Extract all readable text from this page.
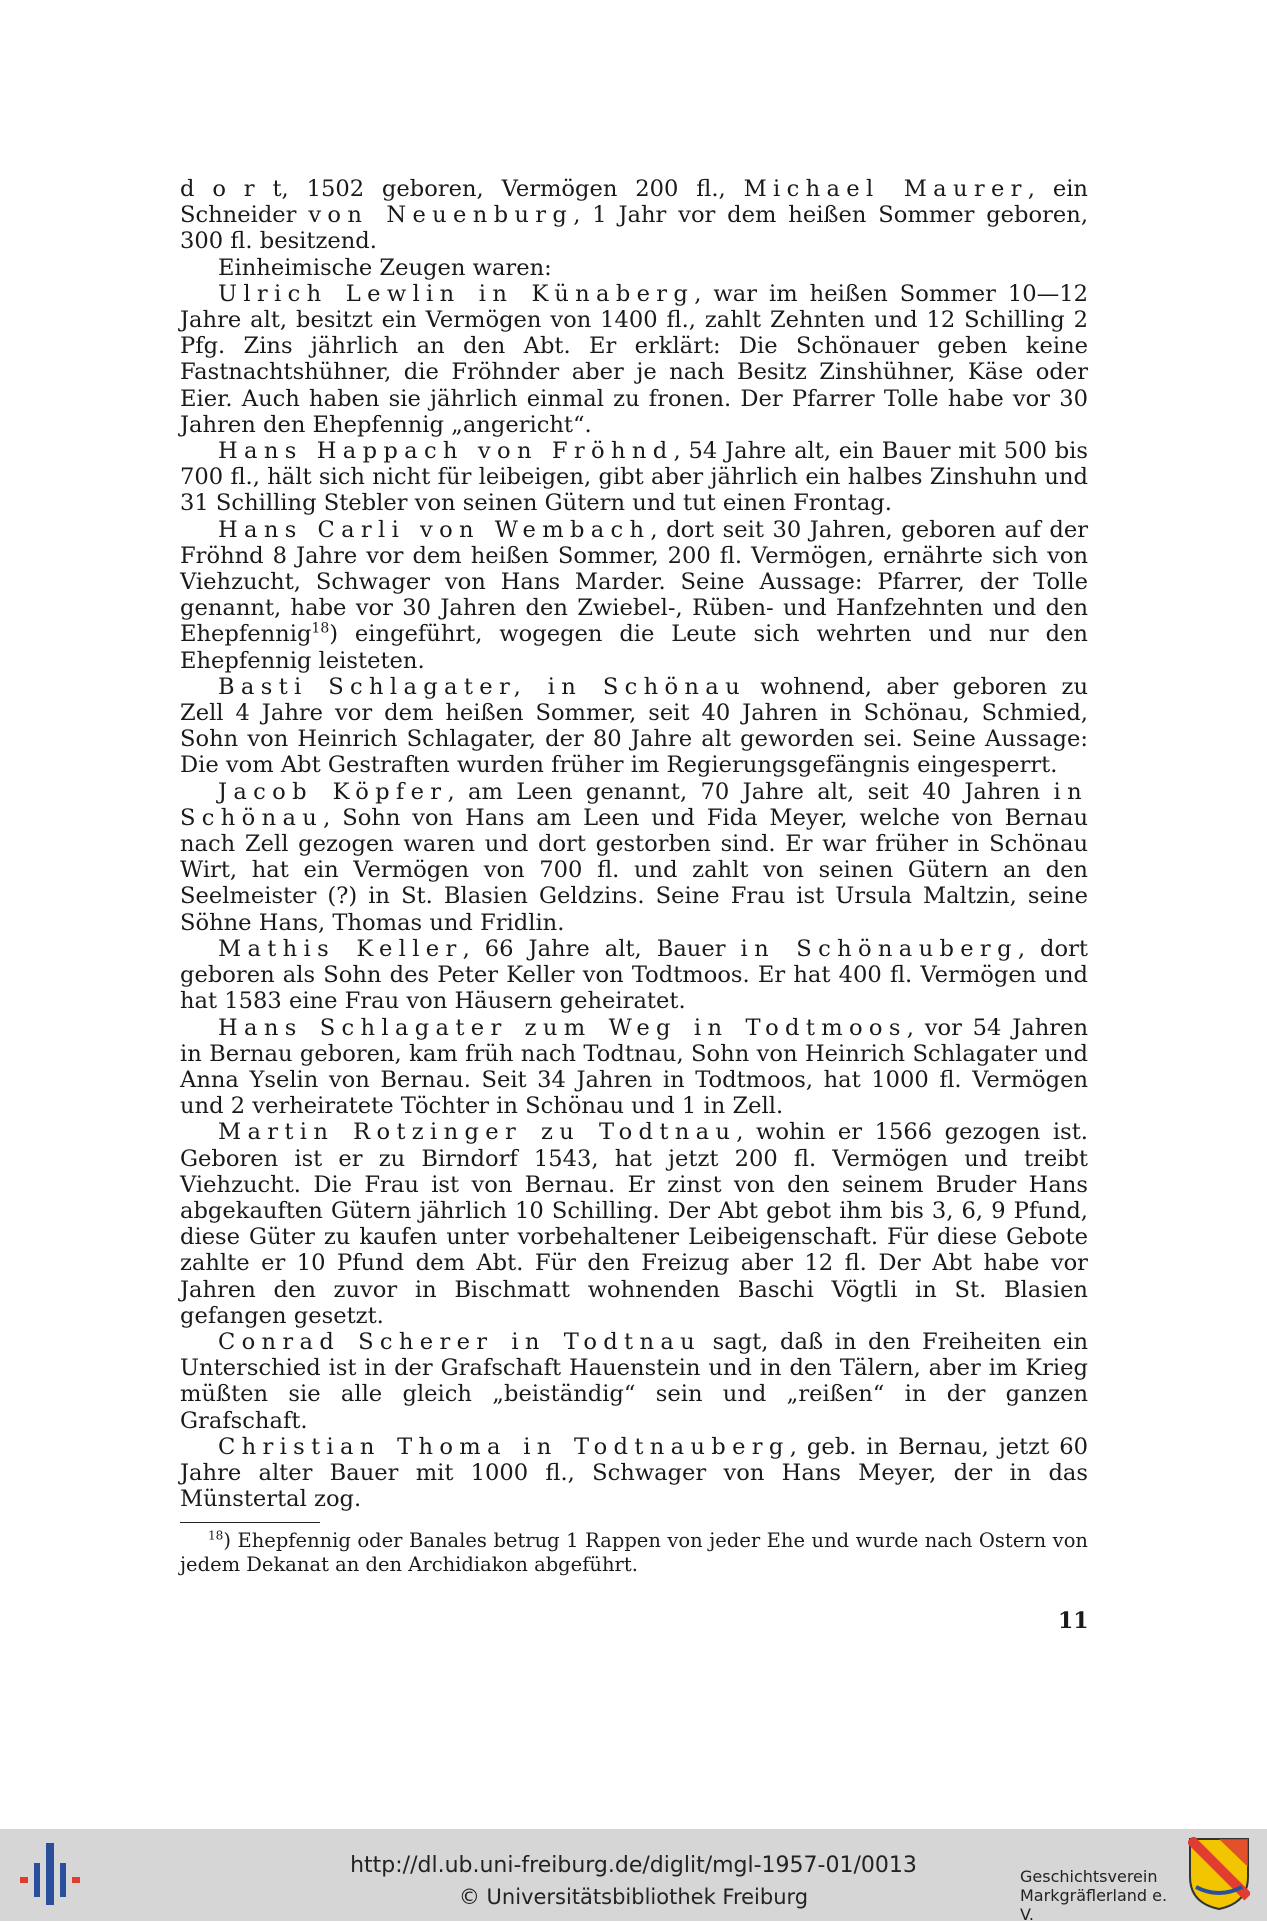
d o r t, 1502 geboren, Vermögen 200 fl., Michael Maurer, ein Schneider von Neuenburg, 1 Jahr vor dem heißen Sommer geboren, 300 fl. besitzend.

Einheimische Zeugen waren:

Ulrich Lewlin in Künaberg, war im heißen Sommer 10—12 Jahre alt, besitzt ein Vermögen von 1400 fl., zahlt Zehnten und 12 Schilling 2 Pfg. Zins jährlich an den Abt. Er erklärt: Die Schönauer geben keine Fastnachtshühner, die Fröhnder aber je nach Besitz Zinshühner, Käse oder Eier. Auch haben sie jährlich einmal zu fronen. Der Pfarrer Tolle habe vor 30 Jahren den Ehepfennig „angericht“.

Hans Happach von Fröhnd, 54 Jahre alt, ein Bauer mit 500 bis 700 fl., hält sich nicht für leibeigen, gibt aber jährlich ein halbes Zinshuhn und 31 Schilling Stebler von seinen Gütern und tut einen Frontag.

Hans Carli von Wembach, dort seit 30 Jahren, geboren auf der Fröhnd 8 Jahre vor dem heißen Sommer, 200 fl. Vermögen, ernährte sich von Viehzucht, Schwager von Hans Marder. Seine Aussage: Pfarrer, der Tolle genannt, habe vor 30 Jahren den Zwiebel-, Rüben- und Hanfzehnten und den Ehepfennig$^{18}$) eingeführt, wogegen die Leute sich wehrten und nur den Ehepfennig leisteten.

Basti Schlagater, in Schönau wohnend, aber geboren zu Zell 4 Jahre vor dem heißen Sommer, seit 40 Jahren in Schönau, Schmied, Sohn von Heinrich Schlagater, der 80 Jahre alt geworden sei. Seine Aussage: Die vom Abt Gestraften wurden früher im Regierungsgefängnis eingesperrt.

Jacob Köpfer, am Leen genannt, 70 Jahre alt, seit 40 Jahren in Schönau, Sohn von Hans am Leen und Fida Meyer, welche von Bernau nach Zell gezogen waren und dort gestorben sind. Er war früher in Schönau Wirt, hat ein Vermögen von 700 fl. und zahlt von seinen Gütern an den Seelmeister (?) in St. Blasien Geldzins. Seine Frau ist Ursula Maltzin, seine Söhne Hans, Thomas und Fridlin.

Mathis Keller, 66 Jahre alt, Bauer in Schönauberg, dort geboren als Sohn des Peter Keller von Todtmoos. Er hat 400 fl. Vermögen und hat 1583 eine Frau von Häusern geheiratet.

Hans Schlagater zum Weg in Todtmoos, vor 54 Jahren in Bernau geboren, kam früh nach Todtnau, Sohn von Heinrich Schlagater und Anna Yselin von Bernau. Seit 34 Jahren in Todtmoos, hat 1000 fl. Vermögen und 2 verheiratete Töchter in Schönau und 1 in Zell.

Martin Rotzinger zu Todtnau, wohin er 1566 gezogen ist. Geboren ist er zu Birndorf 1543, hat jetzt 200 fl. Vermögen und treibt Viehzucht. Die Frau ist von Bernau. Er zinst von den seinem Bruder Hans abgekauften Gütern jährlich 10 Schilling. Der Abt gebot ihm bis 3, 6, 9 Pfund, diese Güter zu kaufen unter vorbehaltener Leibeigenschaft. Für diese Gebote zahlte er 10 Pfund dem Abt. Für den Freizug aber 12 fl. Der Abt habe vor Jahren den zuvor in Bischmatt wohnenden Baschi Vögtli in St. Blasien gefangen gesetzt.

Conrad Scherer in Todtnau sagt, daß in den Freiheiten ein Unterschied ist in der Grafschaft Hauenstein und in den Tälern, aber im Krieg müßten sie alle gleich „beiständig“ sein und „reißen“ in der ganzen Grafschaft.

Christian Thoma in Todtnauberg, geb. in Bernau, jetzt 60 Jahre alter Bauer mit 1000 fl., Schwager von Hans Meyer, der in das Münstertal zog.

$^{18}$) Ehepfennig oder Banales betrug 1 Rappen von jeder Ehe und wurde nach Ostern von jedem Dekanat an den Archidiakon abgeführt.

11
http://dl.ub.uni-freiburg.de/diglit/mgl-1957-01/0013
© Universitätsbibliothek Freiburg
Geschichtsverein
Markgräflerland e. V.
